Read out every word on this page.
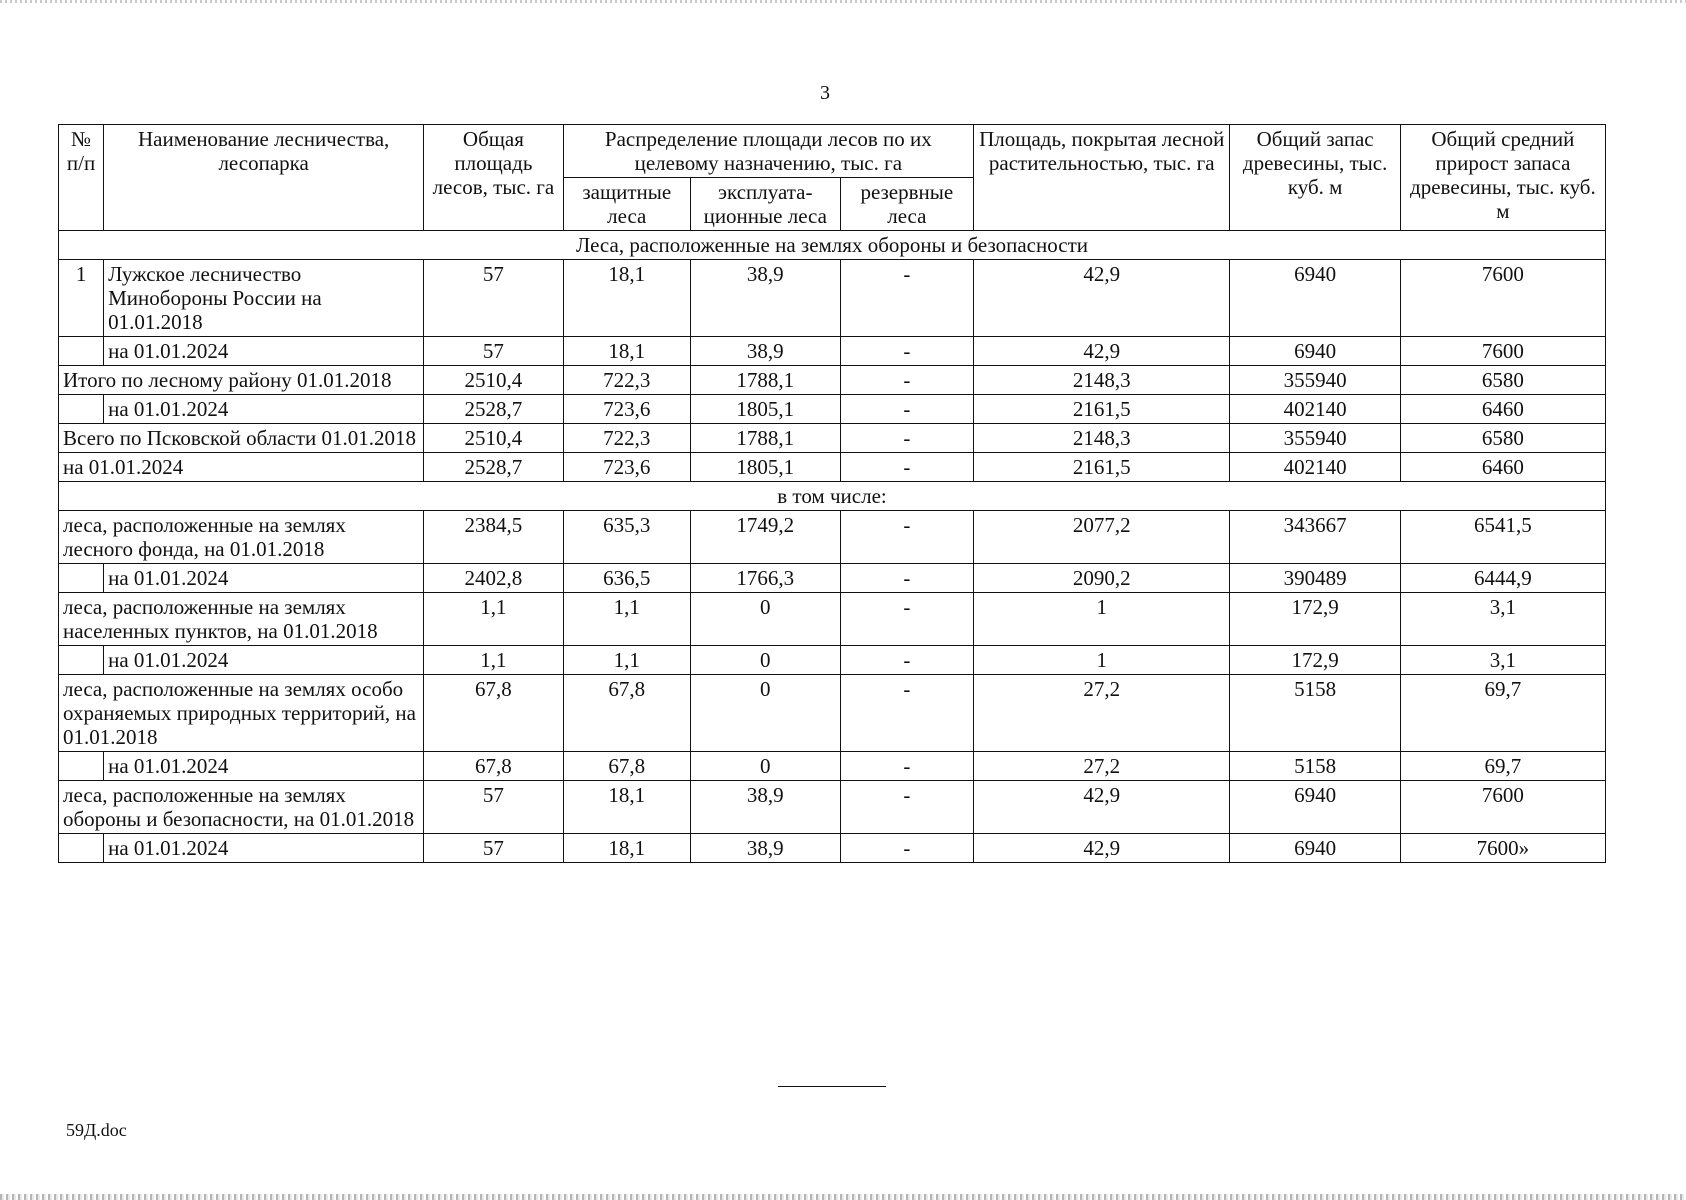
3
№ п/п	Наименование лесничества, лесопарка	Общая площадь лесов, тыс. га	Распределение площади лесов по их целевому назначению, тыс. га			Площадь, покрытая лесной растительностью, тыс. га	Общий запас древесины, тыс. куб. м	Общий средний прирост запаса древесины, тыс. куб. м
			защитные леса	эксплуата-ционные леса	резервные леса			
Леса, расположенные на землях обороны и безопасности								
1	Лужское лесничество Минобороны России на 01.01.2018	57	18,1	38,9	-	42,9	6940	7600
	на 01.01.2024	57	18,1	38,9	-	42,9	6940	7600
Итого по лесному району 01.01.2018		2510,4	722,3	1788,1	-	2148,3	355940	6580
	на 01.01.2024	2528,7	723,6	1805,1	-	2161,5	402140	6460
Всего по Псковской области 01.01.2018		2510,4	722,3	1788,1	-	2148,3	355940	6580
на 01.01.2024		2528,7	723,6	1805,1	-	2161,5	402140	6460
в том числе:								
леса, расположенные на землях лесного фонда, на 01.01.2018		2384,5	635,3	1749,2	-	2077,2	343667	6541,5
	на 01.01.2024	2402,8	636,5	1766,3	-	2090,2	390489	6444,9
леса, расположенные на землях населенных пунктов, на 01.01.2018		1,1	1,1	0	-	1	172,9	3,1
	на 01.01.2024	1,1	1,1	0	-	1	172,9	3,1
леса, расположенные на землях особо охраняемых природных территорий, на 01.01.2018		67,8	67,8	0	-	27,2	5158	69,7
	на 01.01.2024	67,8	67,8	0	-	27,2	5158	69,7
леса, расположенные на землях обороны и безопасности, на 01.01.2018		57	18,1	38,9	-	42,9	6940	7600
	на 01.01.2024	57	18,1	38,9	-	42,9	6940	7600»
59Д.doc
